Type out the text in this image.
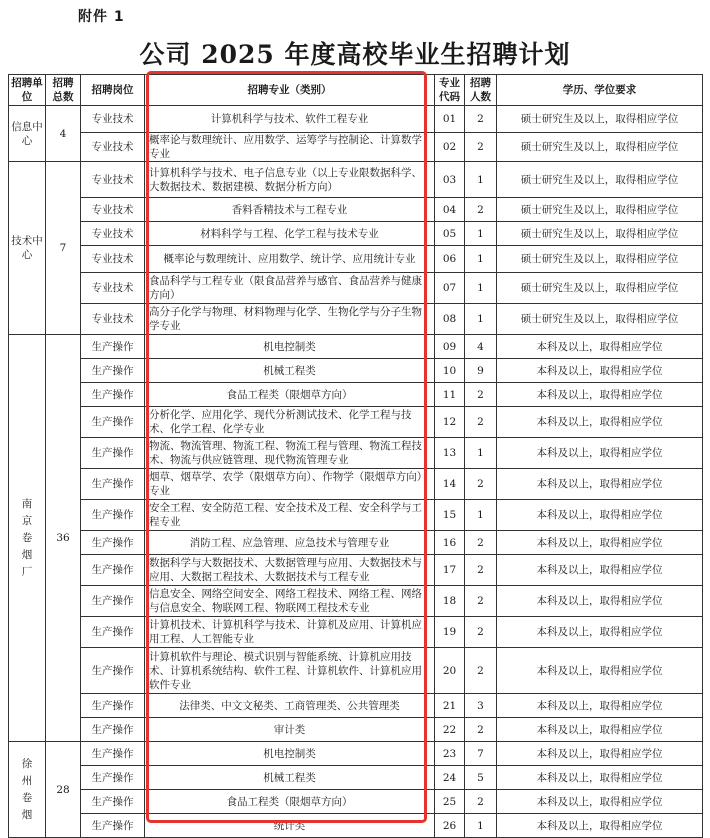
附件 1
公司 2025 年度高校毕业生招聘计划
招聘单位	招聘总数	招聘岗位	招聘专业（类别）	专业代码	招聘人数	学历、学位要求
信息中心	4	专业技术	计算机科学与技术、软件工程专业	01	2	硕士研究生及以上，取得相应学位
		专业技术	概率论与数理统计、应用数学、运筹学与控制论、计算数学专业	02	2	硕士研究生及以上，取得相应学位
技术中心	7	专业技术	计算机科学与技术、电子信息专业（以上专业限数据科学、大数据技术、数据建模、数据分析方向）	03	1	硕士研究生及以上，取得相应学位
		专业技术	香料香精技术与工程专业	04	2	硕士研究生及以上，取得相应学位
		专业技术	材料科学与工程、化学工程与技术专业	05	1	硕士研究生及以上，取得相应学位
		专业技术	概率论与数理统计、应用数学、统计学、应用统计专业	06	1	硕士研究生及以上，取得相应学位
		专业技术	食品科学与工程专业（限食品营养与感官、食品营养与健康方向）	07	1	硕士研究生及以上，取得相应学位
		专业技术	高分子化学与物理、材料物理与化学、生物化学与分子生物学专业	08	1	硕士研究生及以上，取得相应学位
南京卷烟厂	36	生产操作	机电控制类	09	4	本科及以上，取得相应学位
		生产操作	机械工程类	10	9	本科及以上，取得相应学位
		生产操作	食品工程类（限烟草方向）	11	2	本科及以上，取得相应学位
		生产操作	分析化学、应用化学、现代分析测试技术、化学工程与技术、化学工程、化学专业	12	2	本科及以上，取得相应学位
		生产操作	物流、物流管理、物流工程、物流工程与管理、物流工程技术、物流与供应链管理、现代物流管理专业	13	1	本科及以上，取得相应学位
		生产操作	烟草、烟草学、农学（限烟草方向）、作物学（限烟草方向）专业	14	2	本科及以上，取得相应学位
		生产操作	安全工程、安全防范工程、安全技术及工程、安全科学与工程专业	15	1	本科及以上，取得相应学位
		生产操作	消防工程、应急管理、应急技术与管理专业	16	2	本科及以上，取得相应学位
		生产操作	数据科学与大数据技术、大数据管理与应用、大数据技术与应用、大数据工程技术、大数据技术与工程专业	17	2	本科及以上，取得相应学位
		生产操作	信息安全、网络空间安全、网络工程技术、网络工程、网络与信息安全、物联网工程、物联网工程技术专业	18	2	本科及以上，取得相应学位
		生产操作	计算机技术、计算机科学与技术、计算机及应用、计算机应用工程、人工智能专业	19	2	本科及以上，取得相应学位
		生产操作	计算机软件与理论、模式识别与智能系统、计算机应用技术、计算机系统结构、软件工程、计算机软件、计算机应用软件专业	20	2	本科及以上，取得相应学位
		生产操作	法律类、中文文秘类、工商管理类、公共管理类	21	3	本科及以上，取得相应学位
		生产操作	审计类	22	2	本科及以上，取得相应学位
徐州卷烟	28	生产操作	机电控制类	23	7	本科及以上，取得相应学位
		生产操作	机械工程类	24	5	本科及以上，取得相应学位
		生产操作	食品工程类（限烟草方向）	25	2	本科及以上，取得相应学位
		生产操作	统计类	26	1	本科及以上，取得相应学位
